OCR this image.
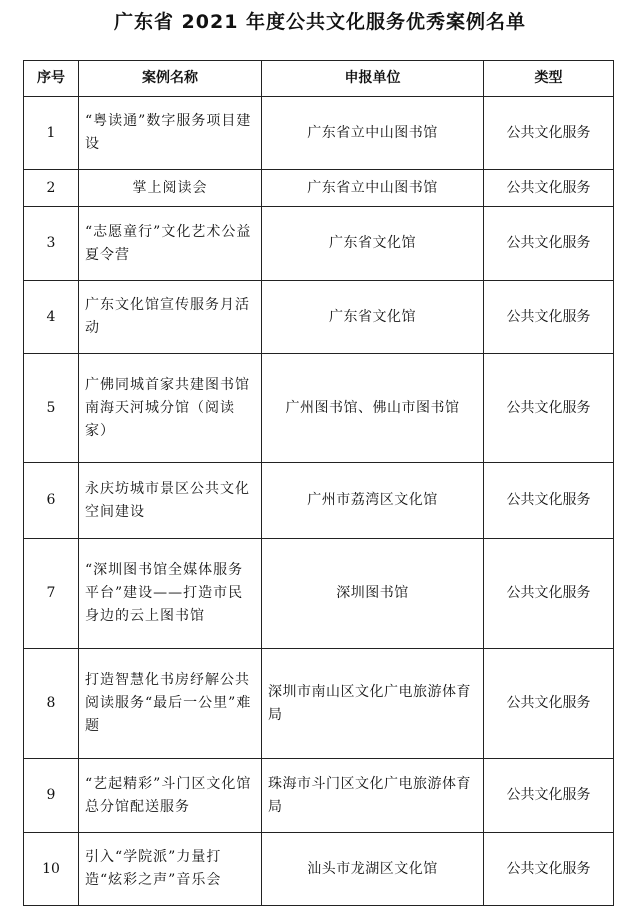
广东省 2021 年度公共文化服务优秀案例名单
序号	案例名称	申报单位	类型
1	“粤读通”数字服务项目建设	广东省立中山图书馆	公共文化服务
2	掌上阅读会	广东省立中山图书馆	公共文化服务
3	“志愿童行”文化艺术公益夏令营	广东省文化馆	公共文化服务
4	广东文化馆宣传服务月活动	广东省文化馆	公共文化服务
5	广佛同城首家共建图书馆南海天河城分馆（阅读家）	广州图书馆、佛山市图书馆	公共文化服务
6	永庆坊城市景区公共文化空间建设	广州市荔湾区文化馆	公共文化服务
7	“深圳图书馆全媒体服务平台”建设——打造市民身边的云上图书馆	深圳图书馆	公共文化服务
8	打造智慧化书房纾解公共阅读服务“最后一公里”难题	深圳市南山区文化广电旅游体育局	公共文化服务
9	“艺起精彩”斗门区文化馆总分馆配送服务	珠海市斗门区文化广电旅游体育局	公共文化服务
10	引入“学院派”力量打造“炫彩之声”音乐会	汕头市龙湖区文化馆	公共文化服务
